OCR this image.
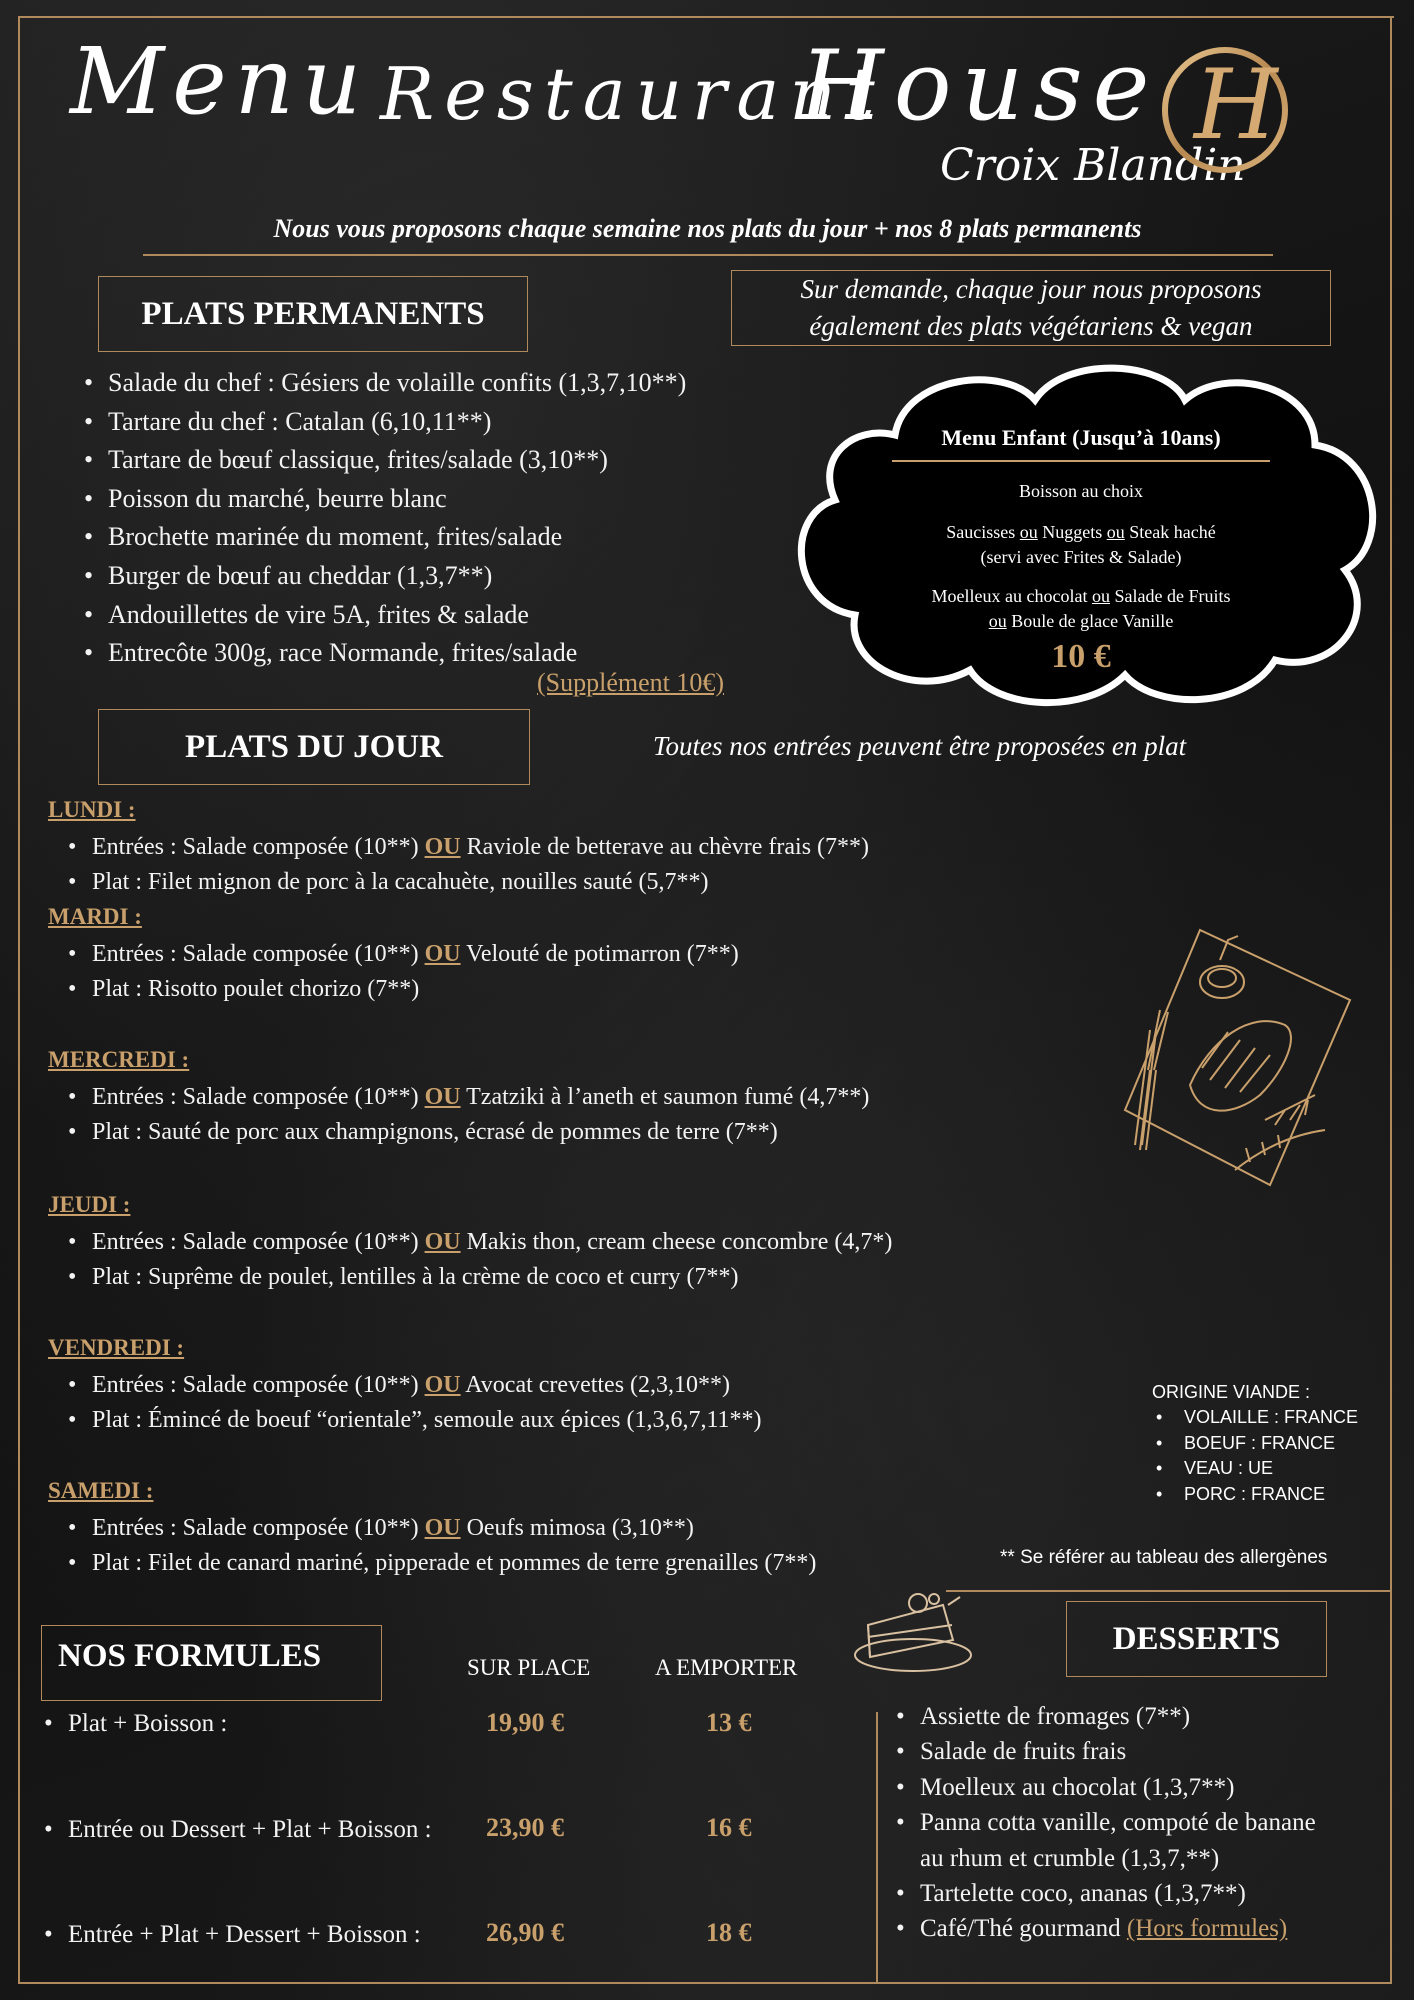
Menu Restaurant
House
Croix Blandin
H
Nous vous proposons chaque semaine nos plats du jour + nos 8 plats permanents
PLATS PERMANENTS
Sur demande, chaque jour nous proposons
également des plats végétariens & vegan
• Salade du chef : Gésiers de volaille confits (1,3,7,10**)
• Tartare du chef : Catalan (6,10,11**)
• Tartare de bœuf classique, frites/salade (3,10**)
• Poisson du marché, beurre blanc
• Brochette marinée du moment, frites/salade
• Burger de bœuf au cheddar (1,3,7**)
• Andouillettes de vire 5A, frites & salade
• Entrecôte 300g, race Normande, frites/salade
(Supplément 10€)
Menu Enfant (Jusqu’à 10ans)
Boisson au choix
Saucisses ou Nuggets ou Steak haché
(servi avec Frites & Salade)
Moelleux au chocolat ou Salade de Fruits
ou Boule de glace Vanille
10 €
PLATS DU JOUR	Toutes nos entrées peuvent être proposées en plat
LUNDI :
• Entrées : Salade composée (10**) OU Raviole de betterave au chèvre frais (7**)
• Plat : Filet mignon de porc à la cacahuète, nouilles sauté (5,7**)
MARDI :
• Entrées : Salade composée (10**) OU Velouté de potimarron (7**)
• Plat : Risotto poulet chorizo (7**)
MERCREDI :
• Entrées : Salade composée (10**) OU Tzatziki à l’aneth et saumon fumé (4,7**)
• Plat : Sauté de porc aux champignons, écrasé de pommes de terre (7**)
JEUDI :
• Entrées : Salade composée (10**) OU Makis thon, cream cheese concombre (4,7*)
• Plat : Suprême de poulet, lentilles à la crème de coco et curry (7**)
VENDREDI :
• Entrées : Salade composée (10**) OU Avocat crevettes (2,3,10**)
• Plat : Émincé de boeuf “orientale”, semoule aux épices (1,3,6,7,11**)
SAMEDI :
• Entrées : Salade composée (10**) OU Oeufs mimosa (3,10**)
• Plat : Filet de canard mariné, pipperade et pommes de terre grenailles (7**)
ORIGINE VIANDE :
• VOLAILLE : FRANCE
• BOEUF : FRANCE
• VEAU : UE
• PORC : FRANCE
** Se référer au tableau des allergènes
NOS FORMULES	SUR PLACE	A EMPORTER
• Plat + Boisson :	19,90 €	13 €
• Entrée ou Dessert + Plat + Boisson : 23,90 €	16 €
• Entrée + Plat + Dessert + Boisson :	26,90 €	18 €
DESSERTS
• Assiette de fromages (7**)
• Salade de fruits frais
• Moelleux au chocolat (1,3,7**)
• Panna cotta vanille, compoté de banane
au rhum et crumble (1,3,7,**)
• Tartelette coco, ananas (1,3,7**)
• Café/Thé gourmand (Hors formules)
